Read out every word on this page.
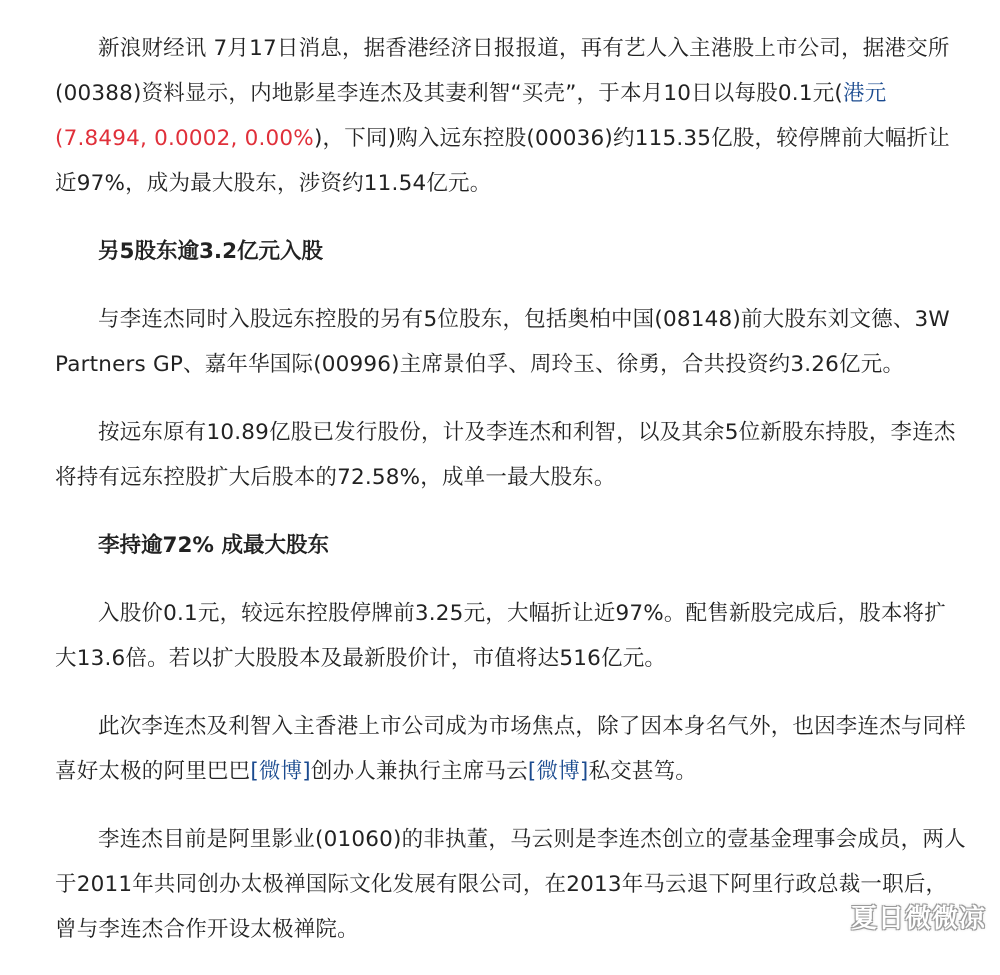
新浪财经讯 7月17日消息，据香港经济日报报道，再有艺人入主港股上市公司，据港交所(00388)资料显示，内地影星李连杰及其妻利智“买壳”，于本月10日以每股0.1元(港元(7.8494, 0.0002, 0.00%)，下同)购入远东控股(00036)约115.35亿股，较停牌前大幅折让近97%，成为最大股东，涉资约11.54亿元。

另5股东逾3.2亿元入股

与李连杰同时入股远东控股的另有5位股东，包括奥柏中国(08148)前大股东刘文德、3W Partners GP、嘉年华国际(00996)主席景伯孚、周玲玉、徐勇，合共投资约3.26亿元。

按远东原有10.89亿股已发行股份，计及李连杰和利智，以及其余5位新股东持股，李连杰将持有远东控股扩大后股本的72.58%，成单一最大股东。

李持逾72% 成最大股东

入股价0.1元，较远东控股停牌前3.25元，大幅折让近97%。配售新股完成后，股本将扩大13.6倍。若以扩大股股本及最新股价计，市值将达516亿元。

此次李连杰及利智入主香港上市公司成为市场焦点，除了因本身名气外，也因李连杰与同样喜好太极的阿里巴巴[微博]创办人兼执行主席马云[微博]私交甚笃。

李连杰目前是阿里影业(01060)的非执董，马云则是李连杰创立的壹基金理事会成员，两人于2011年共同创办太极禅国际文化发展有限公司，在2013年马云退下阿里行政总裁一职后，曾与李连杰合作开设太极禅院。	夏日微微凉
